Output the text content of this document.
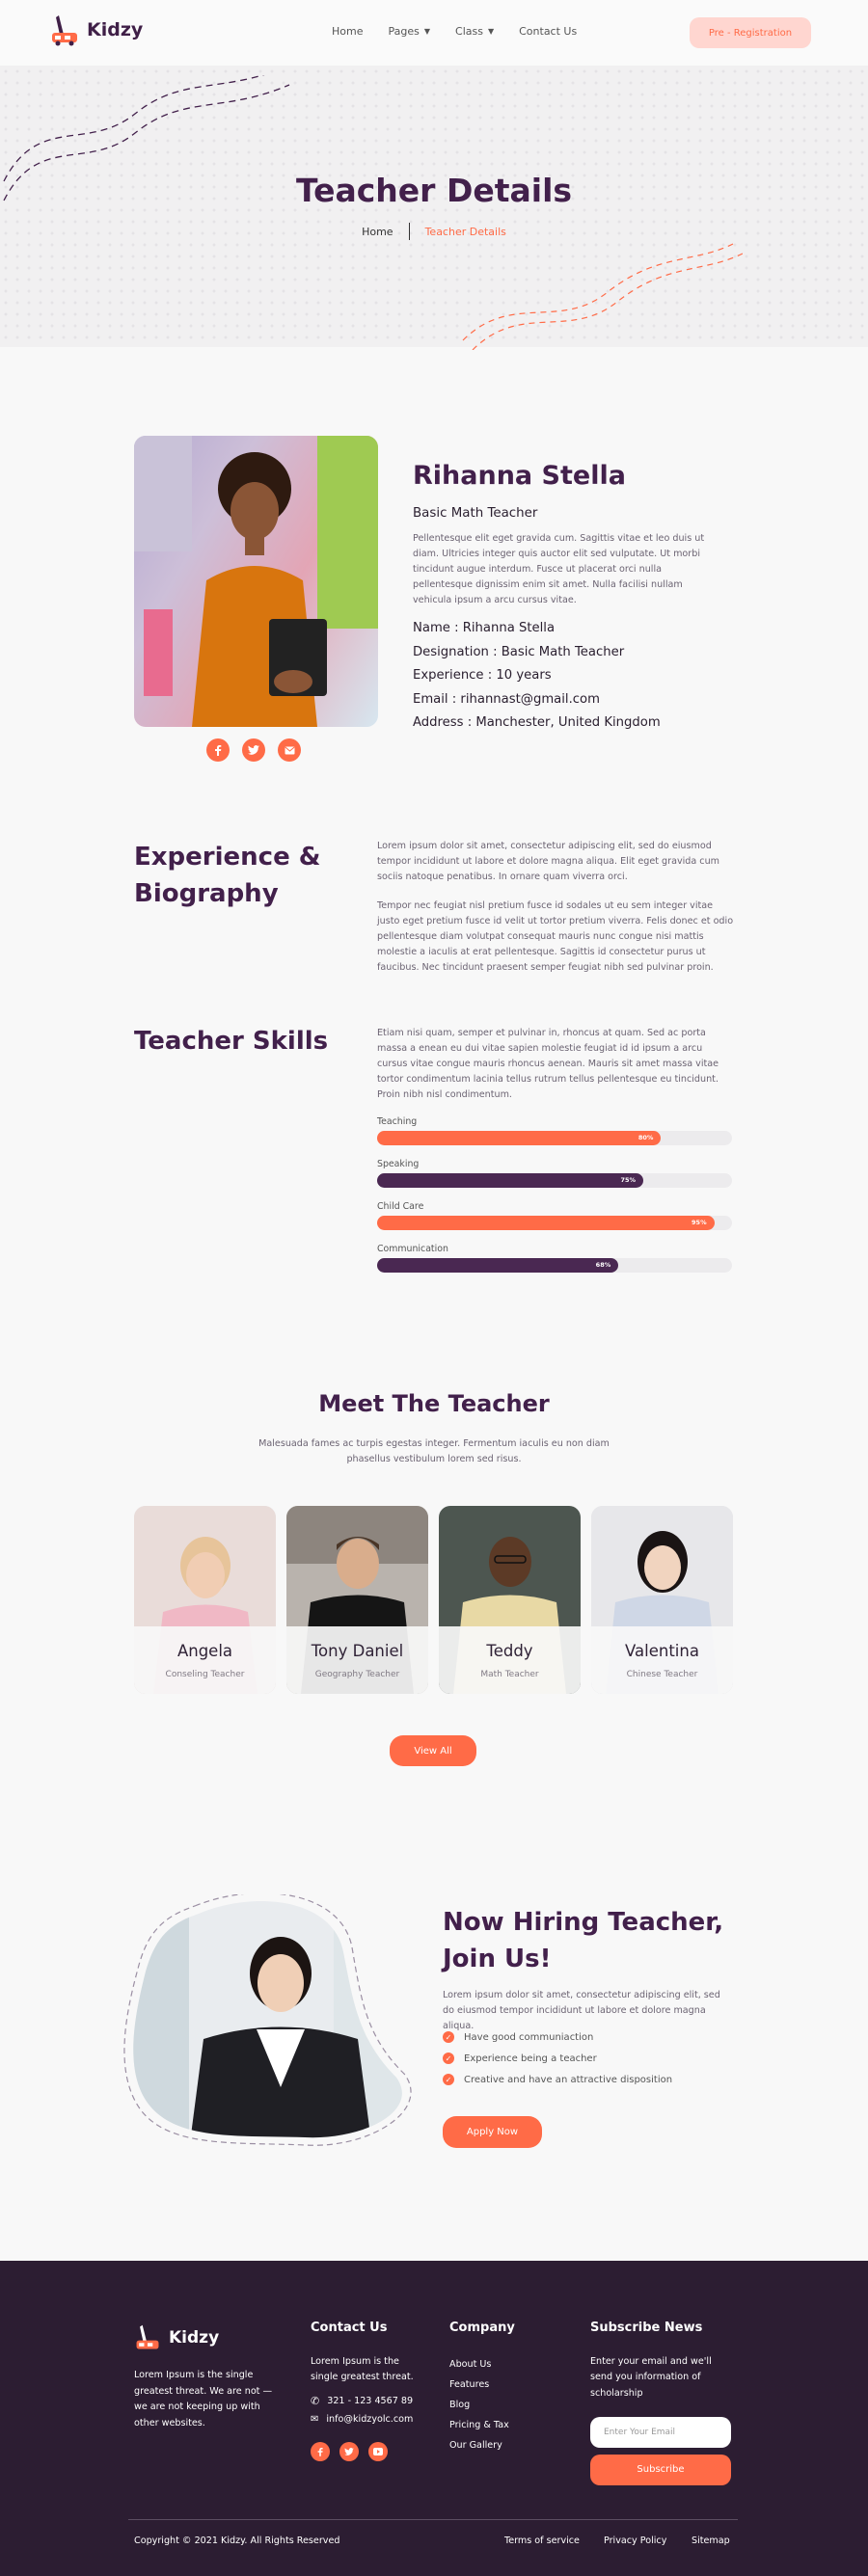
Kidzy	Home Pages ▼ Class ▼ Contact Us	Pre - Registration
Teacher Details
Home	Teacher Details
Rihanna Stella
Basic Math Teacher
Pellentesque elit eget gravida cum. Sagittis vitae et leo duis ut diam. Ultricies integer quis auctor elit sed vulputate. Ut morbi tincidunt augue interdum. Fusce ut placerat orci nulla pellentesque dignissim enim sit amet. Nulla facilisi nullam vehicula ipsum a arcu cursus vitae.
Name : Rihanna Stella
Designation : Basic Math Teacher
Experience : 10 years
Email : rihannast@gmail.com
Address : Manchester, United Kingdom
Experience &
Biography
Lorem ipsum dolor sit amet, consectetur adipiscing elit, sed do eiusmod tempor incididunt ut labore et dolore magna aliqua. Elit eget gravida cum sociis natoque penatibus. In ornare quam viverra orci.
Tempor nec feugiat nisl pretium fusce id sodales ut eu sem integer vitae justo eget pretium fusce id velit ut tortor pretium viverra. Felis donec et odio pellentesque diam volutpat consequat mauris nunc congue nisi mattis molestie a iaculis at erat pellentesque. Sagittis id consectetur purus ut faucibus. Nec tincidunt praesent semper feugiat nibh sed pulvinar proin.
Teacher Skills	Etiam nisi quam, semper et pulvinar in, rhoncus at quam. Sed ac porta massa a enean eu dui vitae sapien molestie feugiat id id ipsum a arcu cursus vitae congue mauris rhoncus aenean. Mauris sit amet massa vitae tortor condimentum lacinia tellus rutrum tellus pellentesque eu tincidunt. Proin nibh nisl condimentum.
Teaching
80%
Speaking
75%
Child Care
95%
Communication
68%
Meet The Teacher
Malesuada fames ac turpis egestas integer. Fermentum iaculis eu non diam
phasellus vestibulum lorem sed risus.
Angela
Conseling Teacher
Tony Daniel
Geography Teacher
Teddy
Math Teacher
Valentina
Chinese Teacher
View All
Now Hiring Teacher,
Join Us!
Lorem ipsum dolor sit amet, consectetur adipiscing elit, sed do eiusmod tempor incididunt ut labore et dolore magna aliqua.
✓ Have good communiaction
✓ Experience being a teacher
✓ Creative and have an attractive disposition
Apply Now
Kidzy
Lorem Ipsum is the single greatest threat. We are not — we are not keeping up with other websites.
Contact Us
Lorem Ipsum is the single greatest threat.
✆ 321 - 123 4567 89
✉ info@kidzyolc.com
Company
About Us
Features
Blog
Pricing & Tax
Our Gallery
Subscribe News
Enter your email and we'll send you information of scholarship
Enter Your Email
Subscribe
Copyright © 2021 Kidzy. All Rights Reserved	Terms of service	Privacy Policy	Sitemap
